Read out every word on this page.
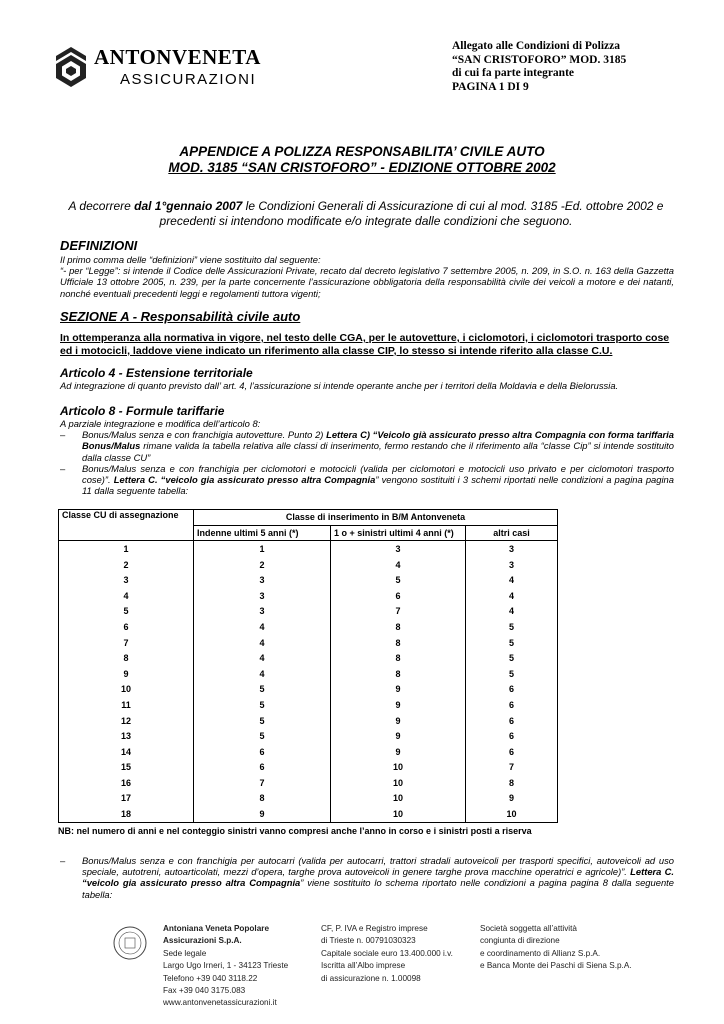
ANTONVENETA
ASSICURAZIONI
Allegato alle Condizioni di Polizza
“SAN CRISTOFORO” MOD. 3185
di cui fa parte integrante
PAGINA 1 DI 9
APPENDICE A POLIZZA RESPONSABILITA’ CIVILE AUTO
MOD. 3185 “SAN CRISTOFORO” - EDIZIONE OTTOBRE 2002
A decorrere dal 1°gennaio 2007 le Condizioni Generali di Assicurazione di cui al mod. 3185 -Ed. ottobre 2002 e precedenti si intendono modificate e/o integrate dalle condizioni che seguono.
DEFINIZIONI
Il primo comma delle “definizioni” viene sostituito dal seguente:
“- per “Legge”: si intende il Codice delle Assicurazioni Private, recato dal decreto legislativo 7 settembre 2005, n. 209, in S.O. n. 163 della Gazzetta Ufficiale 13 ottobre 2005, n. 239, per la parte concernente l’assicurazione obbligatoria della responsabilità civile dei veicoli a motore e dei natanti, nonché eventuali precedenti leggi e regolamenti tuttora vigenti;
SEZIONE A - Responsabilità civile auto
In ottemperanza alla normativa in vigore, nel testo delle CGA, per le autovetture, i ciclomotori, i ciclomotori trasporto cose ed i motocicli, laddove viene indicato un riferimento alla classe CIP, lo stesso si intende riferito alla classe C.U.
Articolo 4 - Estensione territoriale
Ad integrazione di quanto previsto dall’ art. 4, l’assicurazione si intende operante anche per i territori della Moldavia e della Bielorussia.
Articolo 8 - Formule tariffarie
A parziale integrazione e modifica dell’articolo 8:
– Bonus/Malus senza e con franchigia autovetture. Punto 2) Lettera C) “Veicolo già assicurato presso altra Compagnia con forma tariffaria Bonus/Malus rimane valida la tabella relativa alle classi di inserimento, fermo restando che il riferimento alla “classe Cip” si intende sostituito dalla classe CU”
– Bonus/Malus senza e con franchigia per ciclomotori e motocicli (valida per ciclomotori e motocicli uso privato e per ciclomotori trasporto cose)”. Lettera C. “veicolo gia assicurato presso altra Compagnia” vengono sostituiti i 3 schemi riportati nelle condizioni a pagina pagina 11 dalla seguente tabella:
Classe CU di assegnazione	Classe di inserimento in B/M Antonveneta		
	Indenne ultimi 5 anni (*)	1 o + sinistri ultimi 4 anni (*)	altri casi
1	1	3	3
2	2	4	3
3	3	5	4
4	3	6	4
5	3	7	4
6	4	8	5
7	4	8	5
8	4	8	5
9	4	8	5
10	5	9	6
11	5	9	6
12	5	9	6
13	5	9	6
14	6	9	6
15	6	10	7
16	7	10	8
17	8	10	9
18	9	10	10
NB: nel numero di anni e nel conteggio sinistri vanno compresi anche l’anno in corso e i sinistri posti a riserva
– Bonus/Malus senza e con franchigia per autocarri (valida per autocarri, trattori stradali autoveicoli per trasporti specifici, autoveicoli ad uso speciale, autotreni, autoarticolati, mezzi d’opera, targhe prova autoveicoli in genere targhe prova macchine operatrici e agricole)”. Lettera C. “veicolo gia assicurato presso altra Compagnia” viene sostituito lo schema riportato nelle condizioni a pagina pagina 8 dalla seguente tabella:
Antoniana Veneta Popolare
Assicurazioni S.p.A.
Sede legale
Largo Ugo Irneri, 1 - 34123 Trieste
Telefono +39 040 3118.22
Fax +39 040 3175.083
www.antonvenetassicurazioni.it
CF, P. IVA e Registro imprese
di Trieste n. 00791030323
Capitale sociale euro 13.400.000 i.v.
Iscritta all’Albo imprese
di assicurazione n. 1.00098
Società soggetta all’attività
congiunta di direzione
e coordinamento di Allianz S.p.A.
e Banca Monte dei Paschi di Siena S.p.A.
